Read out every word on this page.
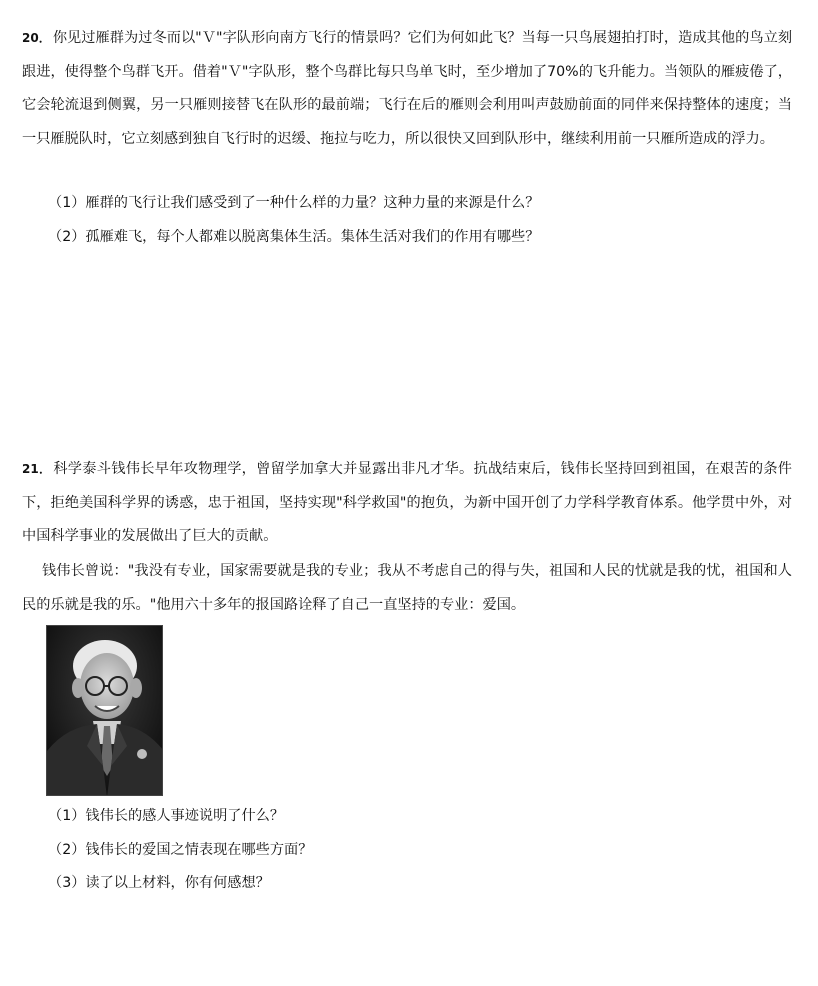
20． 你见过雁群为过冬而以"Ｖ"字队形向南方飞行的情景吗？它们为何如此飞？当每一只鸟展翅拍打时，造成其他的鸟立刻跟进，使得整个鸟群飞开。借着"Ｖ"字队形，整个鸟群比每只鸟单飞时，至少增加了70%的飞升能力。当领队的雁疲倦了，它会轮流退到侧翼，另一只雁则接替飞在队形的最前端；飞行在后的雁则会利用叫声鼓励前面的同伴来保持整体的速度；当一只雁脱队时，它立刻感到独自飞行时的迟缓、拖拉与吃力，所以很快又回到队形中，继续利用前一只雁所造成的浮力。

（1）雁群的飞行让我们感受到了一种什么样的力量？这种力量的来源是什么？
（2）孤雁难飞，每个人都难以脱离集体生活。集体生活对我们的作用有哪些？

21． 科学泰斗钱伟长早年攻物理学，曾留学加拿大并显露出非凡才华。抗战结束后，钱伟长坚持回到祖国，在艰苦的条件下，拒绝美国科学界的诱惑，忠于祖国，坚持实现"科学救国"的抱负，为新中国开创了力学科学教育体系。他学贯中外，对中国科学事业的发展做出了巨大的贡献。

钱伟长曾说："我没有专业，国家需要就是我的专业；我从不考虑自己的得与失，祖国和人民的忧就是我的忧，祖国和人民的乐就是我的乐。"他用六十多年的报国路诠释了自己一直坚持的专业：爱国。

（1）钱伟长的感人事迹说明了什么？
（2）钱伟长的爱国之情表现在哪些方面？
（3）读了以上材料，你有何感想？
